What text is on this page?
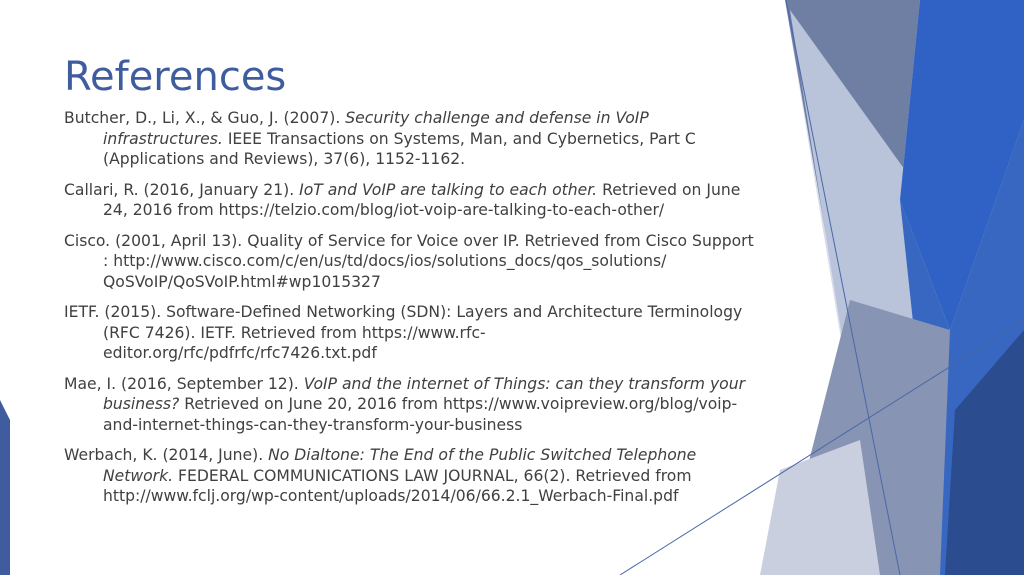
References

Butcher, D., Li, X., & Guo, J. (2007). Security challenge and defense in VoIP infrastructures. IEEE Transactions on Systems, Man, and Cybernetics, Part C (Applications and Reviews), 37(6), 1152-1162.

Callari, R. (2016, January 21). IoT and VoIP are talking to each other. Retrieved on June 24, 2016 from https://telzio.com/blog/iot-voip-are-talking-to-each-other/

Cisco. (2001, April 13). Quality of Service for Voice over IP. Retrieved from Cisco Support : http://www.cisco.com/c/en/us/td/docs/ios/solutions_docs/qos_solutions/ QoSVoIP/QoSVoIP.html#wp1015327

IETF. (2015). Software-Defined Networking (SDN): Layers and Architecture Terminology (RFC 7426). IETF. Retrieved from https://www.rfc-editor.org/rfc/pdfrfc/rfc7426.txt.pdf

Mae, I. (2016, September 12). VoIP and the internet of Things: can they transform your business? Retrieved on June 20, 2016 from https://www.voipreview.org/blog/voip-and-internet-things-can-they-transform-your-business

Werbach, K. (2014, June). No Dialtone: The End of the Public Switched Telephone Network. FEDERAL COMMUNICATIONS LAW JOURNAL, 66(2). Retrieved from http://www.fclj.org/wp-content/uploads/2014/06/66.2.1_Werbach-Final.pdf
